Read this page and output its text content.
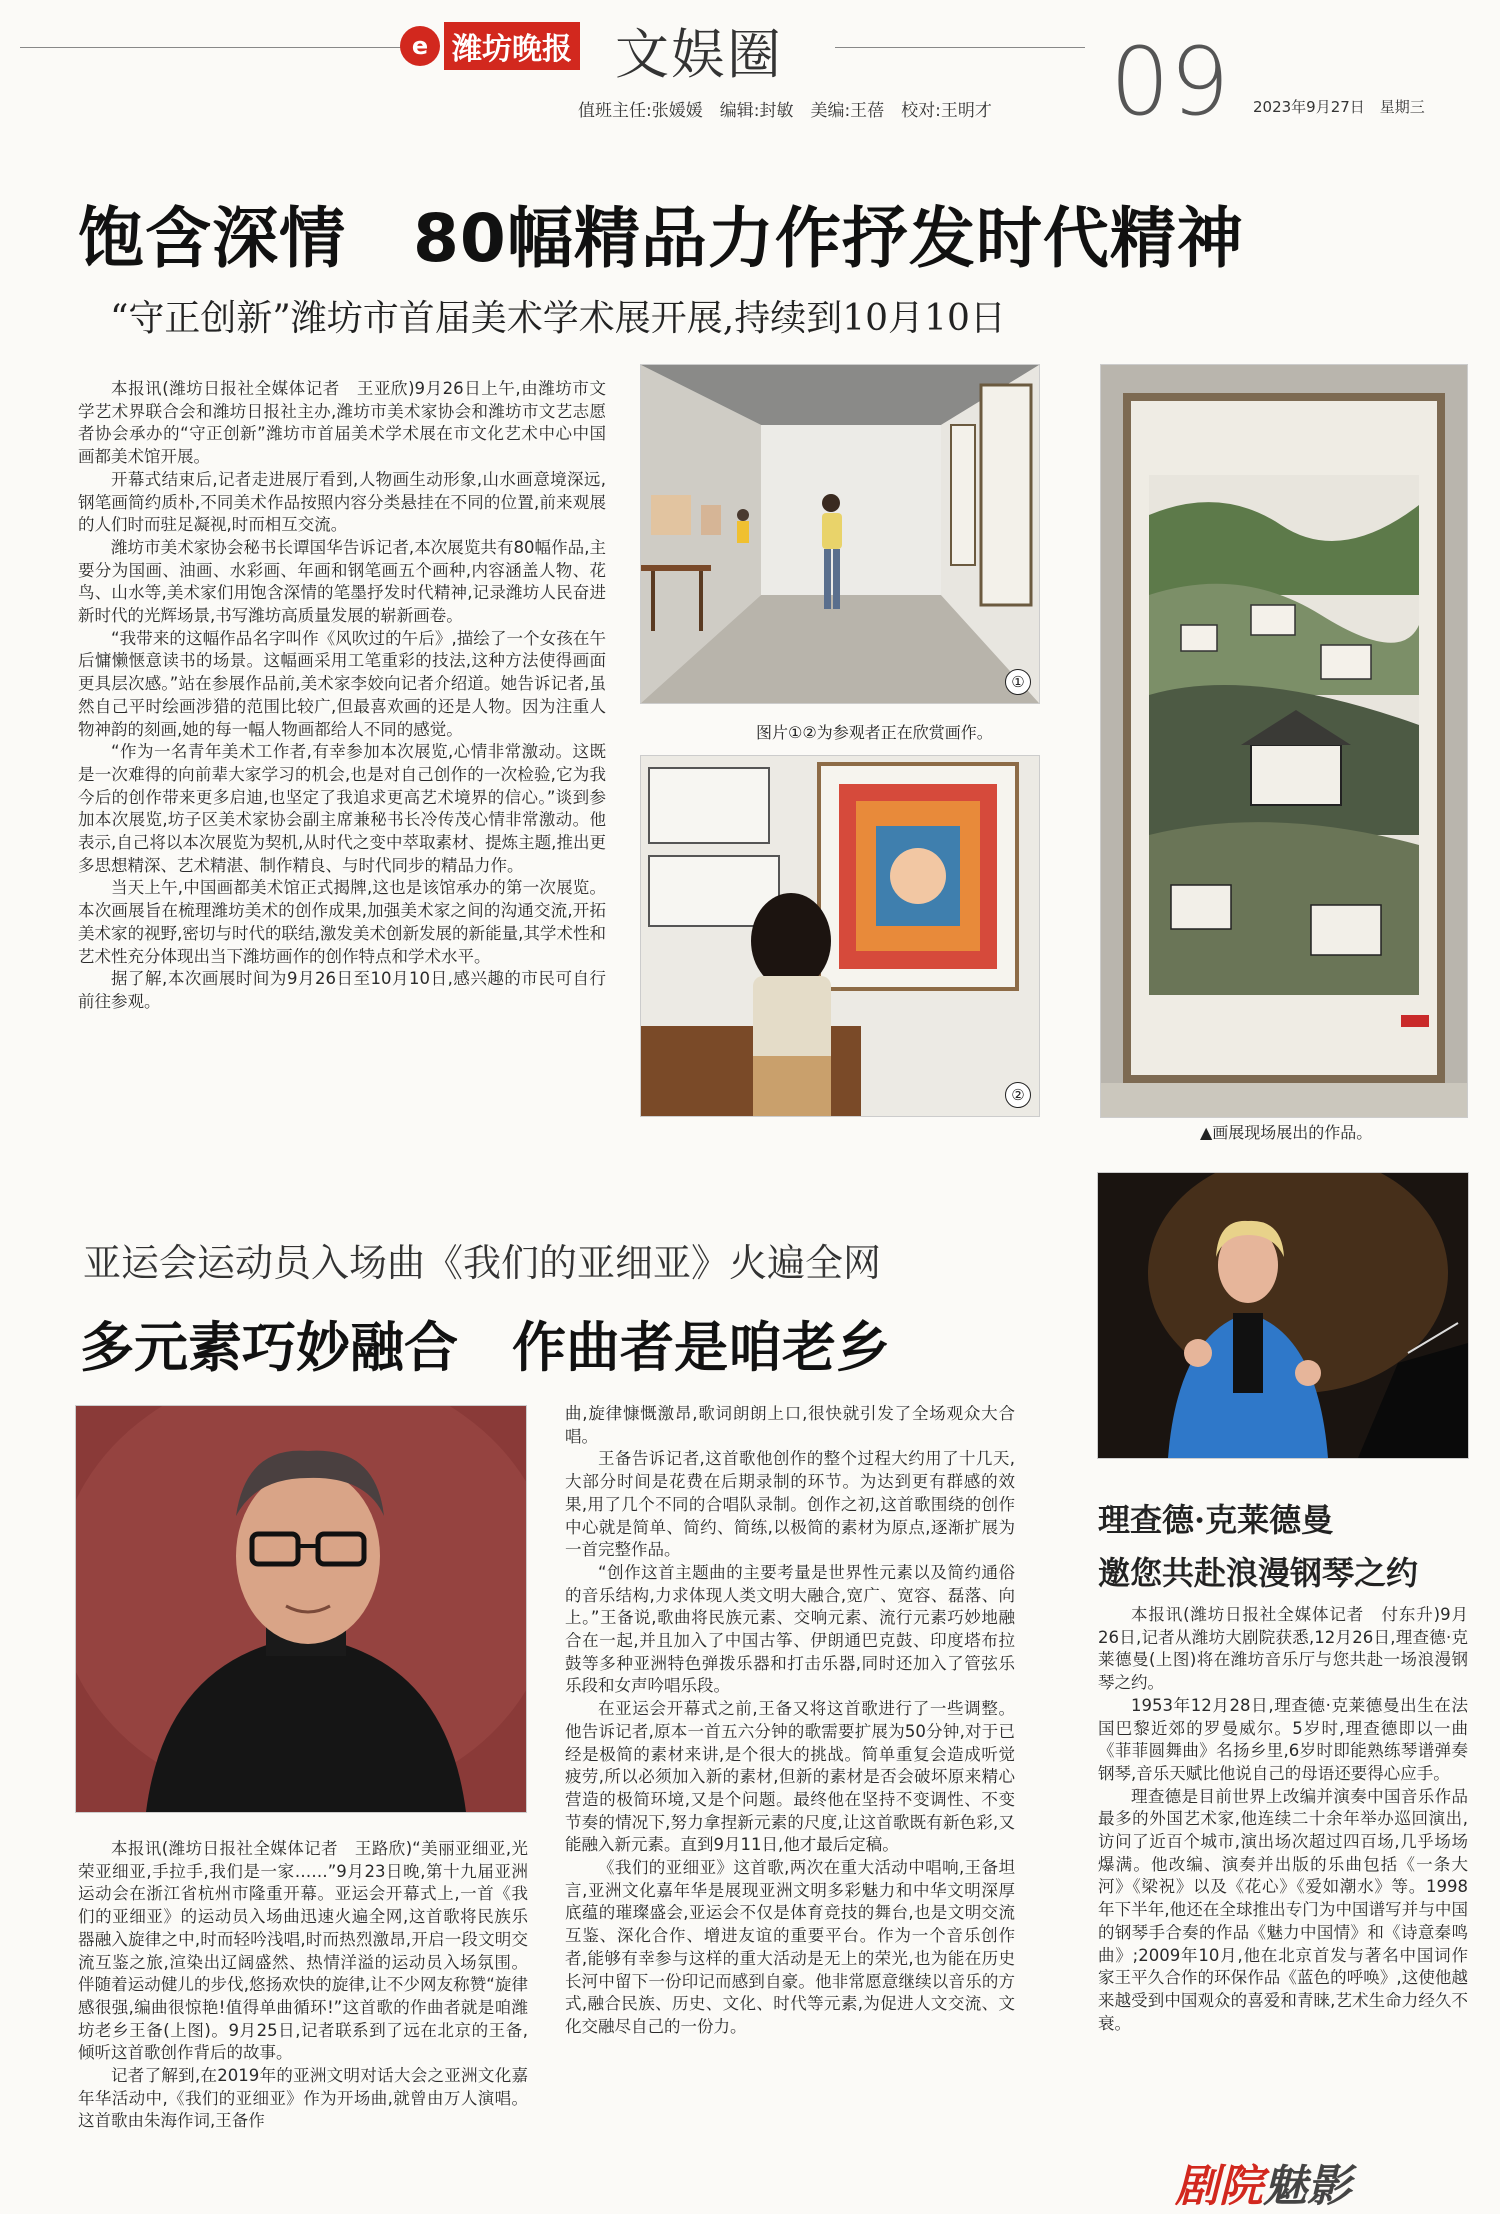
e 潍坊晚报 文娱圈	09
值班主任:张媛媛　编辑:封敏　美编:王蓓　校对:王明才	2023年9月27日　星期三
饱含深情　80幅精品力作抒发时代精神
“守正创新”潍坊市首届美术学术展开展,持续到10月10日

本报讯(潍坊日报社全媒体记者　王亚欣)9月26日上午,由潍坊市文学艺术界联合会和潍坊日报社主办,潍坊市美术家协会和潍坊市文艺志愿者协会承办的“守正创新”潍坊市首届美术学术展在市文化艺术中心中国画都美术馆开展。

开幕式结束后,记者走进展厅看到,人物画生动形象,山水画意境深远,钢笔画简约质朴,不同美术作品按照内容分类悬挂在不同的位置,前来观展的人们时而驻足凝视,时而相互交流。

潍坊市美术家协会秘书长谭国华告诉记者,本次展览共有80幅作品,主要分为国画、油画、水彩画、年画和钢笔画五个画种,内容涵盖人物、花鸟、山水等,美术家们用饱含深情的笔墨抒发时代精神,记录潍坊人民奋进新时代的光辉场景,书写潍坊高质量发展的崭新画卷。

“我带来的这幅作品名字叫作《风吹过的午后》,描绘了一个女孩在午后慵懒惬意读书的场景。这幅画采用工笔重彩的技法,这种方法使得画面更具层次感。”站在参展作品前,美术家李姣向记者介绍道。她告诉记者,虽然自己平时绘画涉猎的范围比较广,但最喜欢画的还是人物。因为注重人物神韵的刻画,她的每一幅人物画都给人不同的感觉。

“作为一名青年美术工作者,有幸参加本次展览,心情非常激动。这既是一次难得的向前辈大家学习的机会,也是对自己创作的一次检验,它为我今后的创作带来更多启迪,也坚定了我追求更高艺术境界的信心。”谈到参加本次展览,坊子区美术家协会副主席兼秘书长冷传茂心情非常激动。他表示,自己将以本次展览为契机,从时代之变中萃取素材、提炼主题,推出更多思想精深、艺术精湛、制作精良、与时代同步的精品力作。

当天上午,中国画都美术馆正式揭牌,这也是该馆承办的第一次展览。本次画展旨在梳理潍坊美术的创作成果,加强美术家之间的沟通交流,开拓美术家的视野,密切与时代的联结,激发美术创新发展的新能量,其学术性和艺术性充分体现出当下潍坊画作的创作特点和学术水平。

据了解,本次画展时间为9月26日至10月10日,感兴趣的市民可自行前往参观。

①
图片①②为参观者正在欣赏画作。
②
▲画展现场展出的作品。
亚运会运动员入场曲《我们的亚细亚》火遍全网
多元素巧妙融合　作曲者是咱老乡

本报讯(潍坊日报社全媒体记者　王路欣)“美丽亚细亚,光荣亚细亚,手拉手,我们是一家……”9月23日晚,第十九届亚洲运动会在浙江省杭州市隆重开幕。亚运会开幕式上,一首《我们的亚细亚》的运动员入场曲迅速火遍全网,这首歌将民族乐器融入旋律之中,时而轻吟浅唱,时而热烈激昂,开启一段文明交流互鉴之旅,渲染出辽阔盛然、热情洋溢的运动员入场氛围。伴随着运动健儿的步伐,悠扬欢快的旋律,让不少网友称赞“旋律感很强,编曲很惊艳!值得单曲循环!”这首歌的作曲者就是咱潍坊老乡王备(上图)。9月25日,记者联系到了远在北京的王备,倾听这首歌创作背后的故事。

记者了解到,在2019年的亚洲文明对话大会之亚洲文化嘉年华活动中,《我们的亚细亚》作为开场曲,就曾由万人演唱。这首歌由朱海作词,王备作

曲,旋律慷慨激昂,歌词朗朗上口,很快就引发了全场观众大合唱。

王备告诉记者,这首歌他创作的整个过程大约用了十几天,大部分时间是花费在后期录制的环节。为达到更有群感的效果,用了几个不同的合唱队录制。创作之初,这首歌围绕的创作中心就是简单、简约、简练,以极简的素材为原点,逐渐扩展为一首完整作品。

“创作这首主题曲的主要考量是世界性元素以及简约通俗的音乐结构,力求体现人类文明大融合,宽广、宽容、磊落、向上。”王备说,歌曲将民族元素、交响元素、流行元素巧妙地融合在一起,并且加入了中国古筝、伊朗通巴克鼓、印度塔布拉鼓等多种亚洲特色弹拨乐器和打击乐器,同时还加入了管弦乐乐段和女声吟唱乐段。

在亚运会开幕式之前,王备又将这首歌进行了一些调整。他告诉记者,原本一首五六分钟的歌需要扩展为50分钟,对于已经是极简的素材来讲,是个很大的挑战。简单重复会造成听觉疲劳,所以必须加入新的素材,但新的素材是否会破坏原来精心营造的极简环境,又是个问题。最终他在坚持不变调性、不变节奏的情况下,努力拿捏新元素的尺度,让这首歌既有新色彩,又能融入新元素。直到9月11日,他才最后定稿。

《我们的亚细亚》这首歌,两次在重大活动中唱响,王备坦言,亚洲文化嘉年华是展现亚洲文明多彩魅力和中华文明深厚底蕴的璀璨盛会,亚运会不仅是体育竞技的舞台,也是文明交流互鉴、深化合作、增进友谊的重要平台。作为一个音乐创作者,能够有幸参与这样的重大活动是无上的荣光,也为能在历史长河中留下一份印记而感到自豪。他非常愿意继续以音乐的方式,融合民族、历史、文化、时代等元素,为促进人文交流、文化交融尽自己的一份力。

理查德·克莱德曼
邀您共赴浪漫钢琴之约

本报讯(潍坊日报社全媒体记者　付东升)9月26日,记者从潍坊大剧院获悉,12月26日,理查德·克莱德曼(上图)将在潍坊音乐厅与您共赴一场浪漫钢琴之约。

1953年12月28日,理查德·克莱德曼出生在法国巴黎近郊的罗曼威尔。5岁时,理查德即以一曲《菲菲圆舞曲》名扬乡里,6岁时即能熟练琴谱弹奏钢琴,音乐天赋比他说自己的母语还要得心应手。

理查德是目前世界上改编并演奏中国音乐作品最多的外国艺术家,他连续二十余年举办巡回演出,访问了近百个城市,演出场次超过四百场,几乎场场爆满。他改编、演奏并出版的乐曲包括《一条大河》《梁祝》以及《花心》《爱如潮水》等。1998年下半年,他还在全球推出专门为中国谱写并与中国的钢琴手合奏的作品《魅力中国情》和《诗意秦鸣曲》;2009年10月,他在北京首发与著名中国词作家王平久合作的环保作品《蓝色的呼唤》,这使他越来越受到中国观众的喜爱和青睐,艺术生命力经久不衰。

剧院魅影
